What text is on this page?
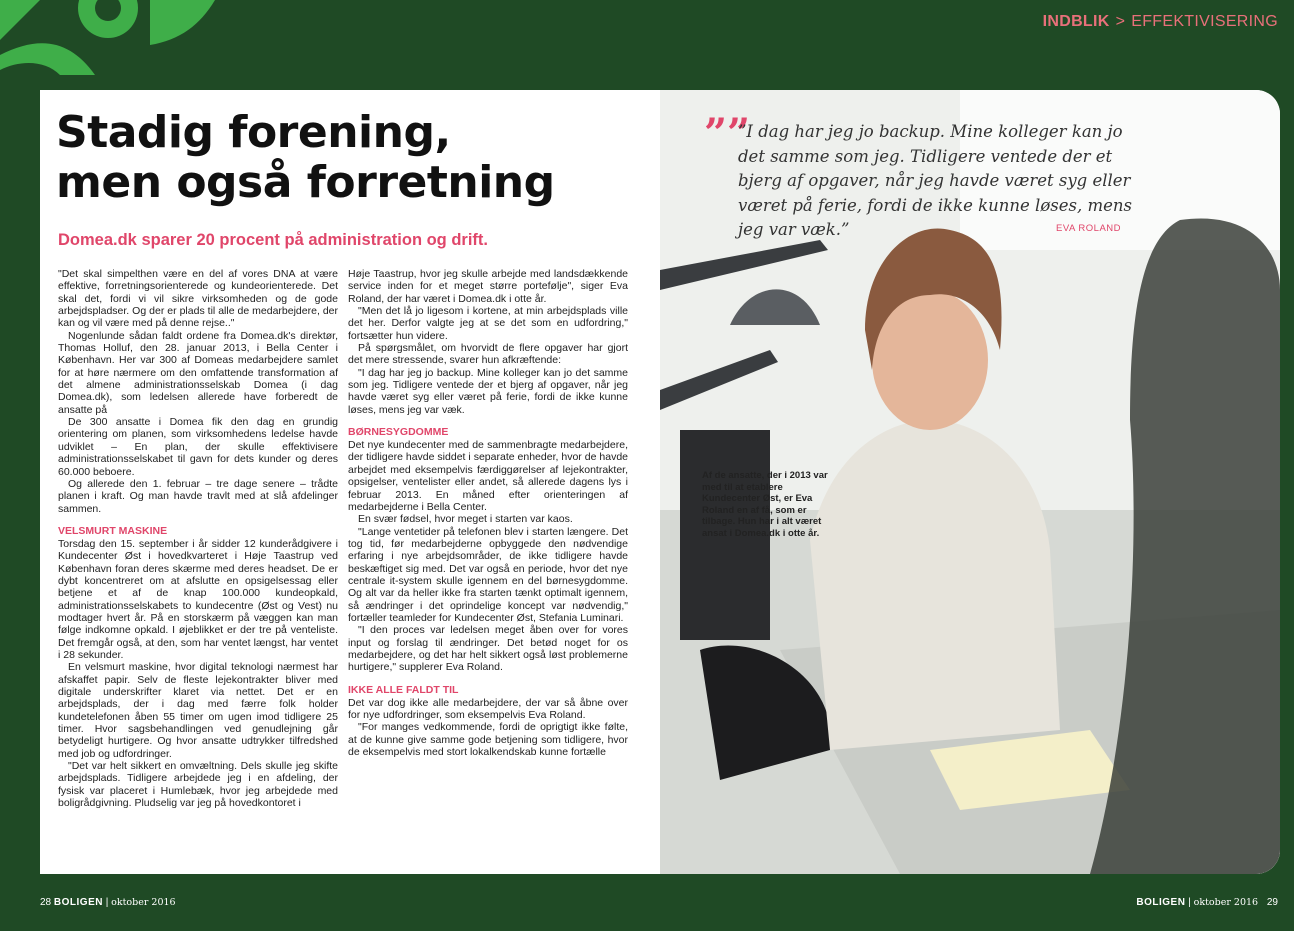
INDBLIK > EFFEKTIVISERING
Stadig forening,
men også forretning
Domea.dk sparer 20 procent på administration og drift.

"Det skal simpelthen være en del af vores DNA at være effektive, forretningsorienterede og kundeorienterede. Det skal det, fordi vi vil sikre virksomheden og de gode arbejdspladser. Og der er plads til alle de medarbejdere, der kan og vil være med på denne rejse.."

Nogenlunde sådan faldt ordene fra Domea.dk's direktør, Thomas Holluf, den 28. januar 2013, i Bella Center i København. Her var 300 af Domeas medarbejdere samlet for at høre nærmere om den omfattende transformation af det almene administrationsselskab Domea (i dag Domea.dk), som ledelsen allerede have forberedt de ansatte på

De 300 ansatte i Domea fik den dag en grundig orientering om planen, som virksomhedens ledelse havde udviklet – En plan, der skulle effektivisere administrationsselskabet til gavn for dets kunder og deres 60.000 beboere.

Og allerede den 1. februar – tre dage senere – trådte planen i kraft. Og man havde travlt med at slå afdelinger sammen.

VELSMURT MASKINE

Torsdag den 15. september i år sidder 12 kunderådgivere i Kundecenter Øst i hovedkvarteret i Høje Taastrup ved København foran deres skærme med deres headset. De er dybt koncentreret om at afslutte en opsigelsessag eller betjene et af de knap 100.000 kundeopkald, administrationsselskabets to kundecentre (Øst og Vest) nu modtager hvert år. På en storskærm på væggen kan man følge indkomne opkald. I øjeblikket er der tre på venteliste. Det fremgår også, at den, som har ventet længst, har ventet i 28 sekunder.

En velsmurt maskine, hvor digital teknologi nærmest har afskaffet papir. Selv de fleste lejekontrakter bliver med digitale underskrifter klaret via nettet. Det er en arbejdsplads, der i dag med færre folk holder kundetelefonen åben 55 timer om ugen imod tidligere 25 timer. Hvor sagsbehandlingen ved genudlejning går betydeligt hurtigere. Og hvor ansatte udtrykker tilfredshed med job og udfordringer.

"Det var helt sikkert en omvæltning. Dels skulle jeg skifte arbejdsplads. Tidligere arbejdede jeg i en afdeling, der fysisk var placeret i Humlebæk, hvor jeg arbejdede med boligrådgivning. Pludselig var jeg på hovedkontoret i

Høje Taastrup, hvor jeg skulle arbejde med landsdækkende service inden for et meget større portefølje", siger Eva Roland, der har været i Domea.dk i otte år.

"Men det lå jo ligesom i kortene, at min arbejdsplads ville det her. Derfor valgte jeg at se det som en udfordring," fortsætter hun videre.

På spørgsmålet, om hvorvidt de flere opgaver har gjort det mere stressende, svarer hun afkræftende:

"I dag har jeg jo backup. Mine kolleger kan jo det samme som jeg. Tidligere ventede der et bjerg af opgaver, når jeg havde været syg eller været på ferie, fordi de ikke kunne løses, mens jeg var væk.

BØRNESYGDOMME

Det nye kundecenter med de sammenbragte medarbejdere, der tidligere havde siddet i separate enheder, hvor de havde arbejdet med eksempelvis færdiggørelser af lejekontrakter, opsigelser, ventelister eller andet, så allerede dagens lys i februar 2013. En måned efter orienteringen af medarbejderne i Bella Center.

En svær fødsel, hvor meget i starten var kaos.

"Lange ventetider på telefonen blev i starten længere. Det tog tid, før medarbejderne opbyggede den nødvendige erfaring i nye arbejdsområder, de ikke tidligere havde beskæftiget sig med. Det var også en periode, hvor det nye centrale it-system skulle igennem en del børnesygdomme. Og alt var da heller ikke fra starten tænkt optimalt igennem, så ændringer i det oprindelige koncept var nødvendig," fortæller teamleder for Kundecenter Øst, Stefania Luminari.

"I den proces var ledelsen meget åben over for vores input og forslag til ændringer. Det betød noget for os medarbejdere, og det har helt sikkert også løst problemerne hurtigere," supplerer Eva Roland.

IKKE ALLE FALDT TIL

Det var dog ikke alle medarbejdere, der var så åbne over for nye udfordringer, som eksempelvis Eva Roland.

"For manges vedkommende, fordi de oprigtigt ikke følte, at de kunne give samme gode betjening som tidligere, hvor de eksempelvis med stort lokalkendskab kunne fortælle

””

”I dag har jeg jo backup. Mine kolleger kan jo det samme som jeg. Tidligere ventede der et bjerg af opgaver, når jeg havde været syg eller været på ferie, fordi de ikke kunne løses, mens jeg var væk.”	EVA ROLAND

Af de ansatte, der i 2013 var med til at etablere Kundecenter Øst, er Eva Roland en af få, som er tilbage. Hun har i alt været ansat i Domea.dk i otte år.

28 BOLIGEN | oktober 2016	BOLIGEN | oktober 2016 29
